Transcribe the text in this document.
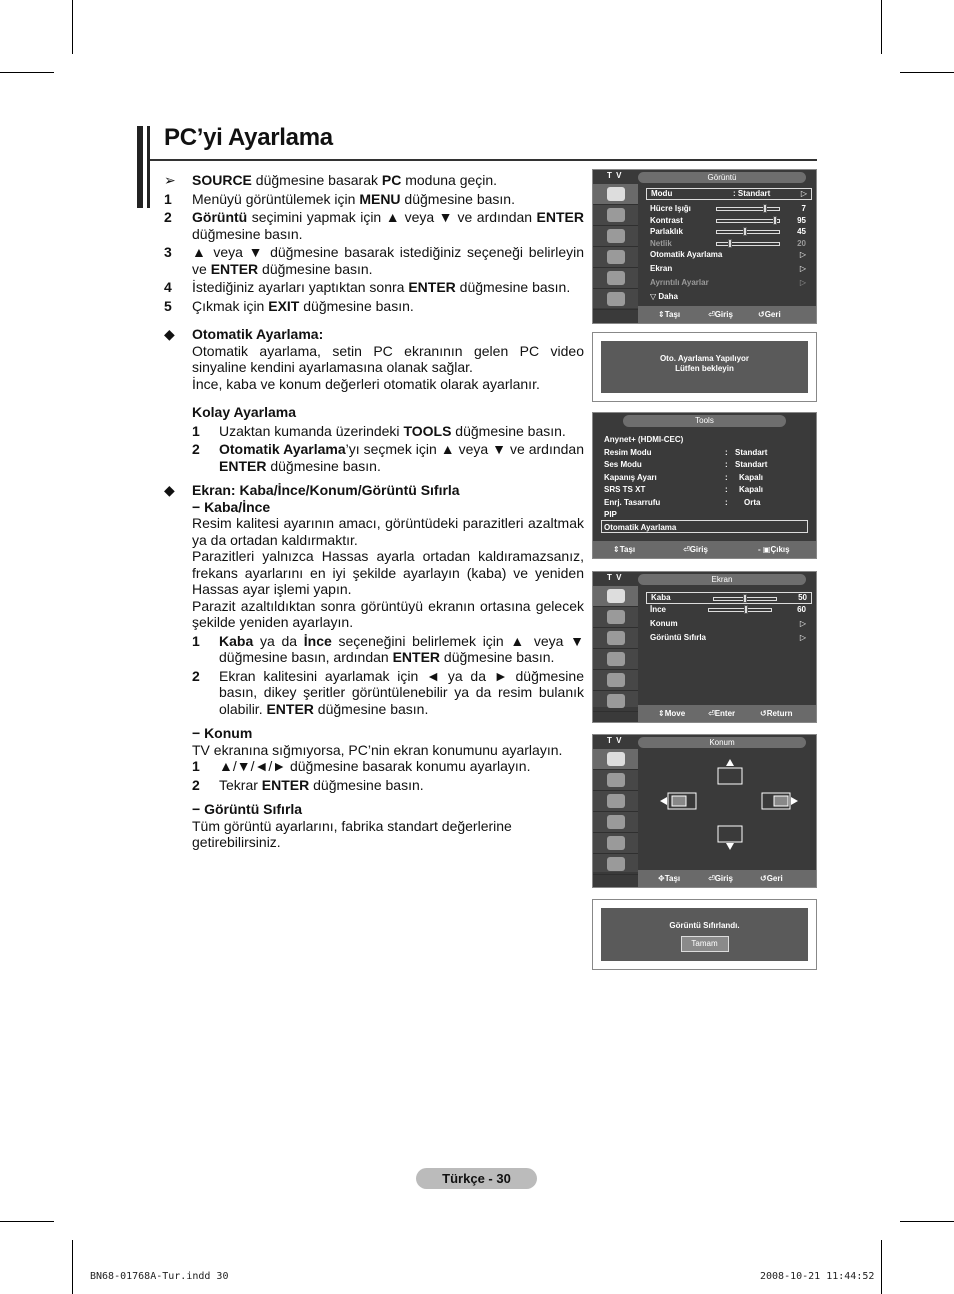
PC’yi Ayarlama
➢	SOURCE düğmesine basarak PC moduna geçin.
1	Menüyü görüntülemek için MENU düğmesine basın.
2	Görüntü seçimini yapmak için ▲ veya ▼ ve ardından ENTER düğmesine basın.
3	▲ veya ▼ düğmesine basarak istediğiniz seçeneği belirleyin ve ENTER düğmesine basın.
4	İstediğiniz ayarları yaptıktan sonra ENTER düğmesine basın.
5	Çıkmak için EXIT düğmesine basın.
◆	Otomatik Ayarlama:
Otomatik ayarlama, setin PC ekranının gelen PC video sinyaline kendini ayarlamasına olanak sağlar.
İnce, kaba ve konum değerleri otomatik olarak ayarlanır.
Kolay Ayarlama
1	Uzaktan kumanda üzerindeki TOOLS düğmesine basın.
2	Otomatik Ayarlama’yı seçmek için ▲ veya ▼ ve ardından ENTER düğmesine basın.
◆	Ekran: Kaba/İnce/Konum/Görüntü Sıfırla
− Kaba/İnce
Resim kalitesi ayarının amacı, görüntüdeki parazitleri azaltmak ya da ortadan kaldırmaktır.
Parazitleri yalnızca Hassas ayarla ortadan kaldıramazsanız, frekans ayarlarını en iyi şekilde ayarlayın (kaba) ve yeniden Hassas ayar işlemi yapın.
Parazit azaltıldıktan sonra görüntüyü ekranın ortasına gelecek şekilde yeniden ayarlayın.
1	Kaba ya da İnce seçeneğini belirlemek için ▲ veya ▼ düğmesine basın, ardından ENTER düğmesine basın.
2	Ekran kalitesini ayarlamak için ◄ ya da ► düğmesine basın, dikey şeritler görüntülenebilir ya da resim bulanık olabilir. ENTER düğmesine basın.
− Konum
TV ekranına sığmıyorsa, PC’nin ekran konumunu ayarlayın.
1	▲/▼/◄/► düğmesine basarak konumu ayarlayın.
2	Tekrar ENTER düğmesine basın.
− Görüntü Sıfırla
Tüm görüntü ayarlarını, fabrika standart değerlerine getirebilirsiniz.
T V	Görüntü
Modu	: Standart	▷
Hücre Işığı	7
Kontrast	95
Parlaklık	45
Netlik	20
Otomatik Ayarlama	▷
Ekran	▷
Ayrıntılı Ayarlar	▷
▽ Daha
⇕ Taşı	⏎ Giriş	↺ Geri
Oto. Ayarlama Yapılıyor
Lütfen bekleyin
Tools
Anynet+ (HDMI-CEC)
Resim Modu	: Standart
Ses Modu	: Standart
Kapanış Ayarı	: Kapalı
SRS TS XT	: Kapalı
Enrj. Tasarrufu	: Orta
PIP
Otomatik Ayarlama
⇕ Taşı	⏎ Giriş	- ▣ Çıkış
T V	Ekran
Kaba	50
İnce	60
Konum	▷
Görüntü Sıfırla	▷
⇕ Move	⏎ Enter	↺ Return
T V	Konum
✥ Taşı	⏎ Giriş	↺ Geri
Görüntü Sıfırlandı.
Tamam
Türkçe - 30
BN68-01768A-Tur.indd 30	2008-10-21 11:44:52
